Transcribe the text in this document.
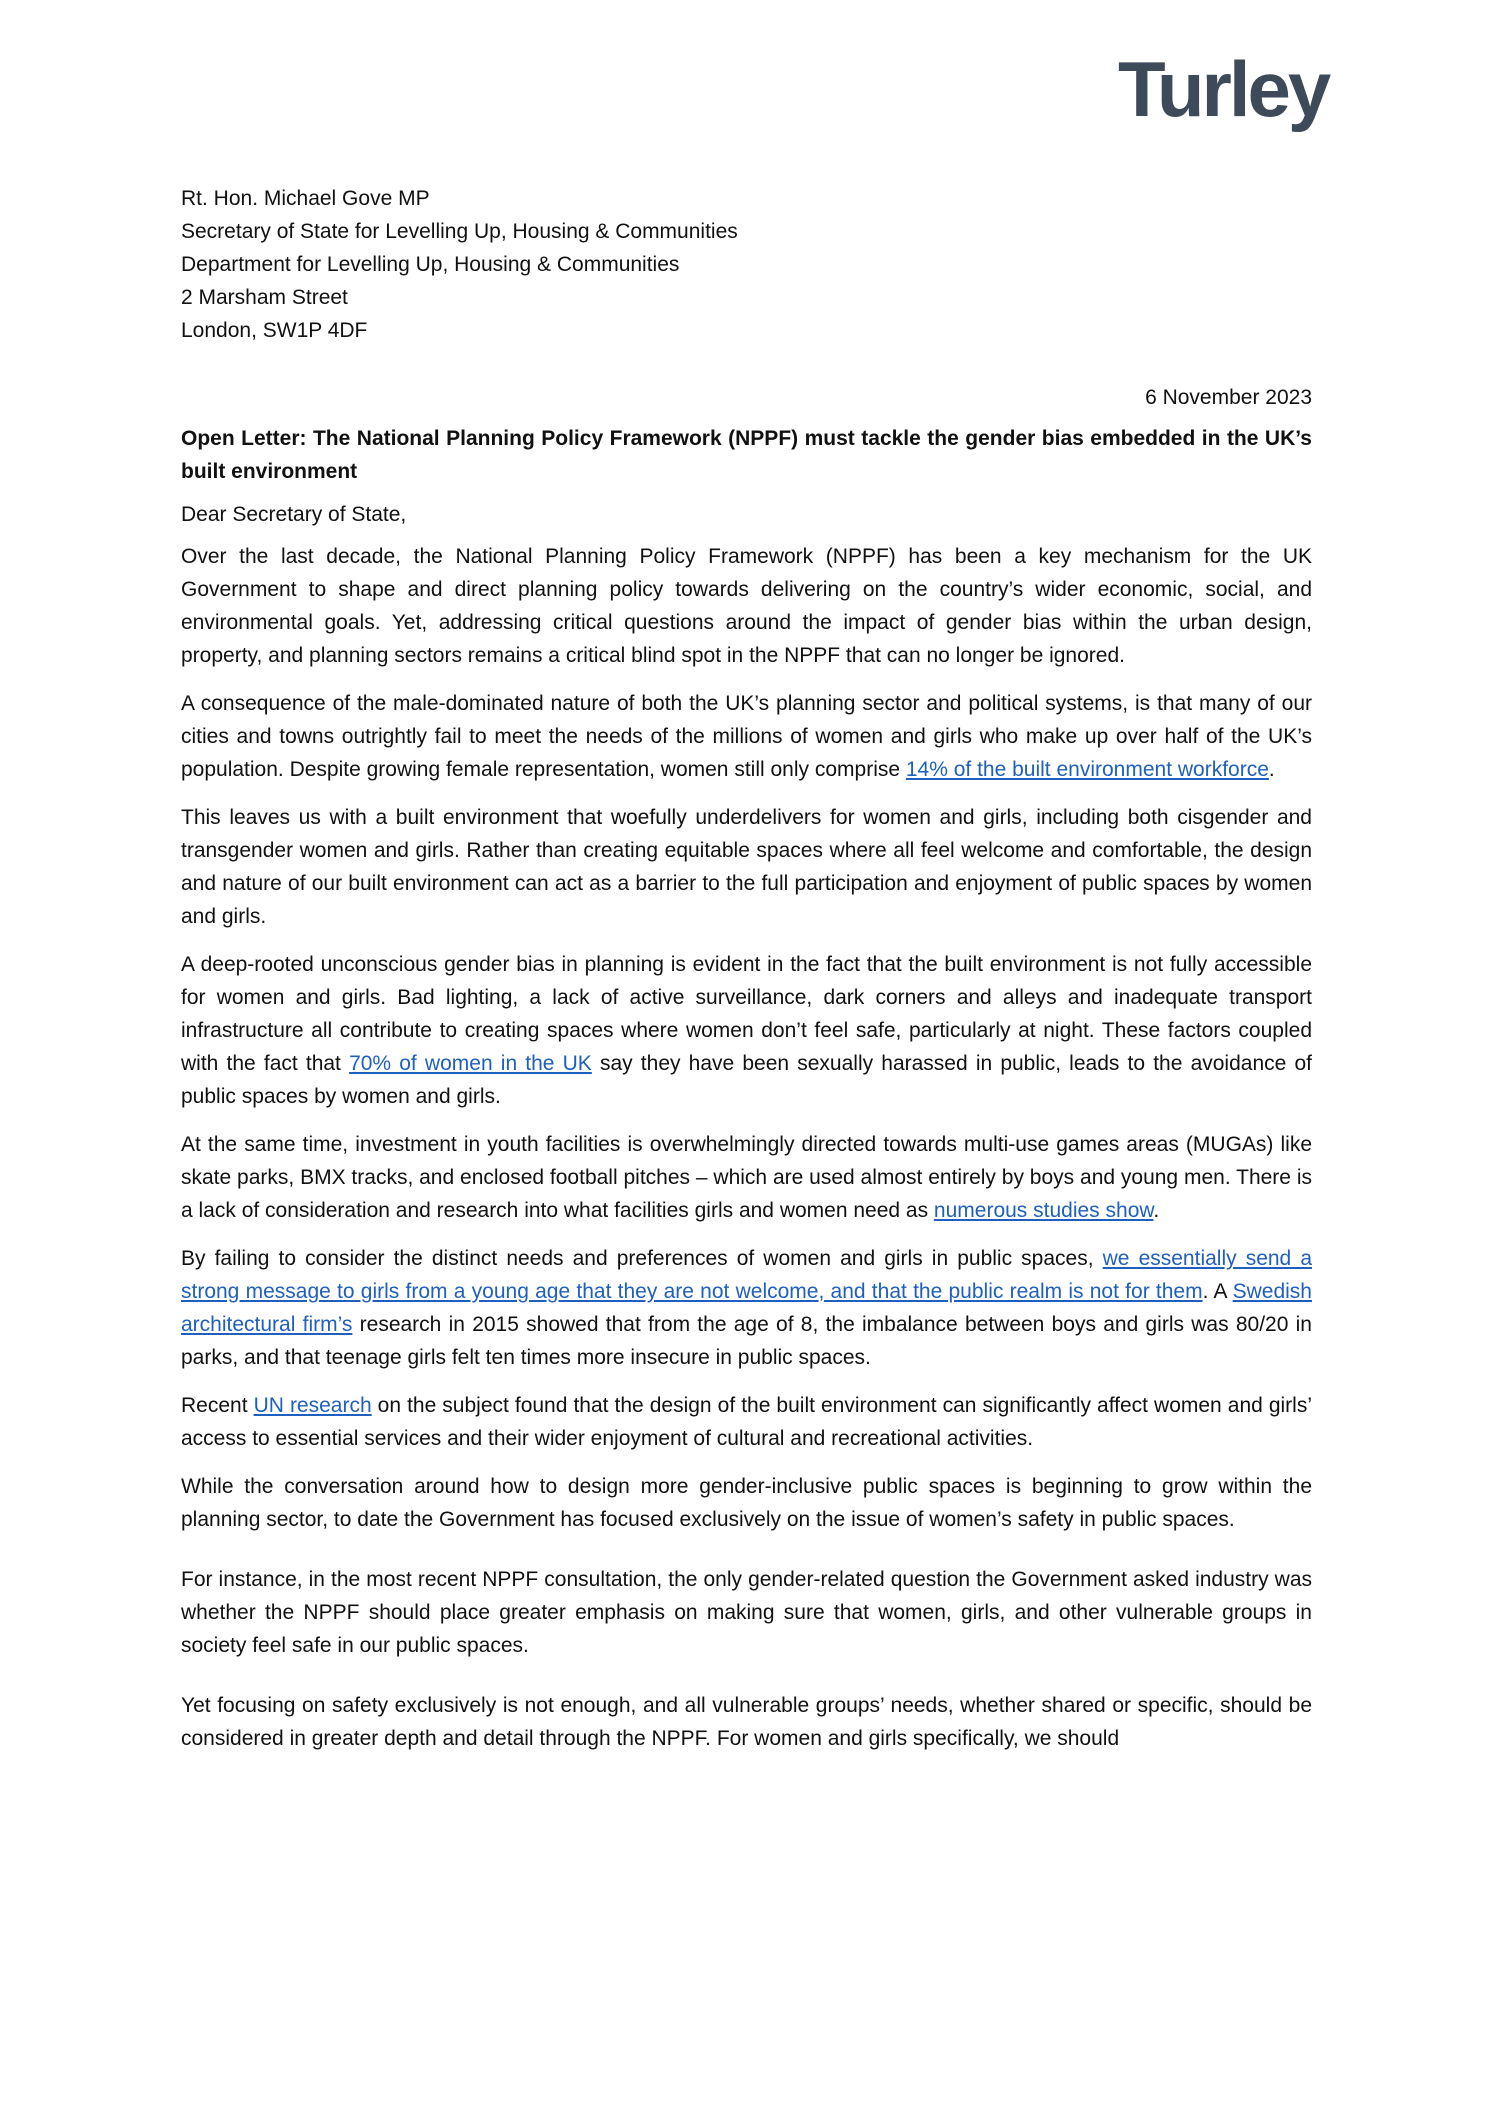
Turley
Rt. Hon. Michael Gove MP
Secretary of State for Levelling Up, Housing & Communities
Department for Levelling Up, Housing & Communities
2 Marsham Street
London, SW1P 4DF
6 November 2023
Open Letter: The National Planning Policy Framework (NPPF) must tackle the gender bias embedded in the UK’s built environment
Dear Secretary of State,

Over the last decade, the National Planning Policy Framework (NPPF) has been a key mechanism for the UK Government to shape and direct planning policy towards delivering on the country’s wider economic, social, and environmental goals. Yet, addressing critical questions around the impact of gender bias within the urban design, property, and planning sectors remains a critical blind spot in the NPPF that can no longer be ignored.

A consequence of the male-dominated nature of both the UK’s planning sector and political systems, is that many of our cities and towns outrightly fail to meet the needs of the millions of women and girls who make up over half of the UK’s population. Despite growing female representation, women still only comprise 14% of the built environment workforce.

This leaves us with a built environment that woefully underdelivers for women and girls, including both cisgender and transgender women and girls. Rather than creating equitable spaces where all feel welcome and comfortable, the design and nature of our built environment can act as a barrier to the full participation and enjoyment of public spaces by women and girls.

A deep-rooted unconscious gender bias in planning is evident in the fact that the built environment is not fully accessible for women and girls. Bad lighting, a lack of active surveillance, dark corners and alleys and inadequate transport infrastructure all contribute to creating spaces where women don’t feel safe, particularly at night. These factors coupled with the fact that 70% of women in the UK say they have been sexually harassed in public, leads to the avoidance of public spaces by women and girls.

At the same time, investment in youth facilities is overwhelmingly directed towards multi-use games areas (MUGAs) like skate parks, BMX tracks, and enclosed football pitches – which are used almost entirely by boys and young men. There is a lack of consideration and research into what facilities girls and women need as numerous studies show.

By failing to consider the distinct needs and preferences of women and girls in public spaces, we essentially send a strong message to girls from a young age that they are not welcome, and that the public realm is not for them. A Swedish architectural firm’s research in 2015 showed that from the age of 8, the imbalance between boys and girls was 80/20 in parks, and that teenage girls felt ten times more insecure in public spaces.

Recent UN research on the subject found that the design of the built environment can significantly affect women and girls’ access to essential services and their wider enjoyment of cultural and recreational activities.

While the conversation around how to design more gender-inclusive public spaces is beginning to grow within the planning sector, to date the Government has focused exclusively on the issue of women’s safety in public spaces.

For instance, in the most recent NPPF consultation, the only gender-related question the Government asked industry was whether the NPPF should place greater emphasis on making sure that women, girls, and other vulnerable groups in society feel safe in our public spaces.

Yet focusing on safety exclusively is not enough, and all vulnerable groups’ needs, whether shared or specific, should be considered in greater depth and detail through the NPPF. For women and girls specifically, we should
